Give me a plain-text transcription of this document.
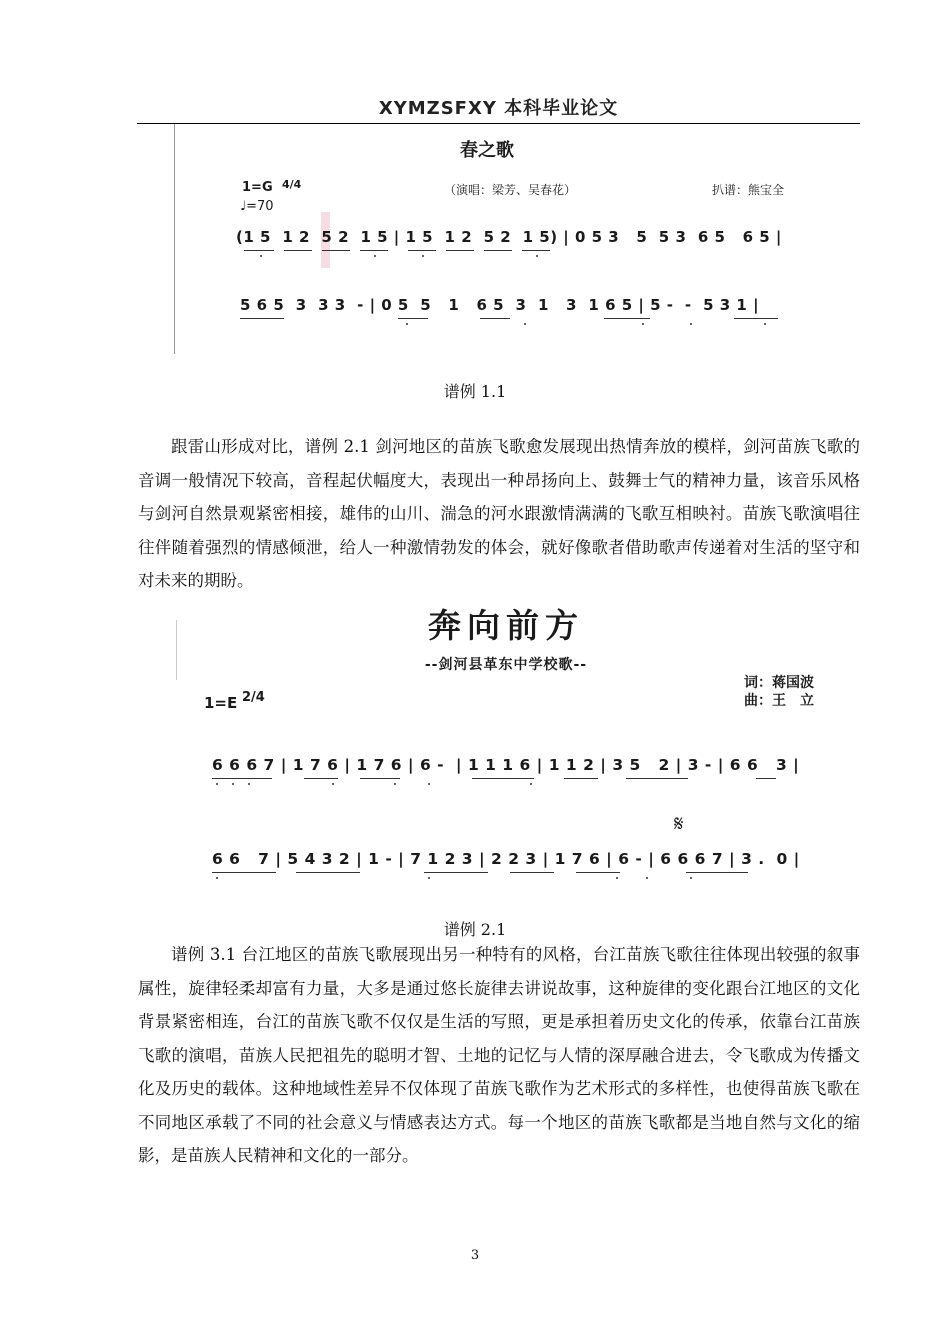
XYMZSFXY 本科毕业论文
春之歌
1=G 4/4
♩=70
（演唱：梁芳、吴春花）	扒谱：熊宝全
(1 5  1 2  5 2  1 5 | 1 5  1 2  5 2  1 5) | 0 5 3   5  5 3  6 5   6 5 |
5 6 5  3  3 3  - | 0 5  5   1   6 5  3  1   3  1 6 5 | 5 -  -  5 3 1 |
谱例 1.1

跟雷山形成对比，谱例 2.1 剑河地区的苗族飞歌愈发展现出热情奔放的模样，剑河苗族飞歌的音调一般情况下较高，音程起伏幅度大，表现出一种昂扬向上、鼓舞士气的精神力量，该音乐风格与剑河自然景观紧密相接，雄伟的山川、湍急的河水跟激情满满的飞歌互相映衬。苗族飞歌演唱往往伴随着强烈的情感倾泄，给人一种激情勃发的体会，就好像歌者借助歌声传递着对生活的坚守和对未来的期盼。

奔向前方
--剑河县革东中学校歌--
1=E 2/4
词：蒋国波
曲：王　立
𝄋
6 6 6 7 | 1 7 6 | 1 7 6 | 6 -  | 1 1 1 6 | 1 1 2 | 3 5   2 | 3 - | 6 6   3 |
6 6   7 | 5 4 3 2 | 1 - | 7 1 2 3 | 2 2 3 | 1 7 6 | 6 - | 6 6 6 7 | 3 .  0 |
谱例 2.1

谱例 3.1 台江地区的苗族飞歌展现出另一种特有的风格，台江苗族飞歌往往体现出较强的叙事属性，旋律轻柔却富有力量，大多是通过悠长旋律去讲说故事，这种旋律的变化跟台江地区的文化背景紧密相连，台江的苗族飞歌不仅仅是生活的写照，更是承担着历史文化的传承，依靠台江苗族飞歌的演唱，苗族人民把祖先的聪明才智、土地的记忆与人情的深厚融合进去，令飞歌成为传播文化及历史的载体。这种地域性差异不仅体现了苗族飞歌作为艺术形式的多样性，也使得苗族飞歌在不同地区承载了不同的社会意义与情感表达方式。每一个地区的苗族飞歌都是当地自然与文化的缩影，是苗族人民精神和文化的一部分。

3
